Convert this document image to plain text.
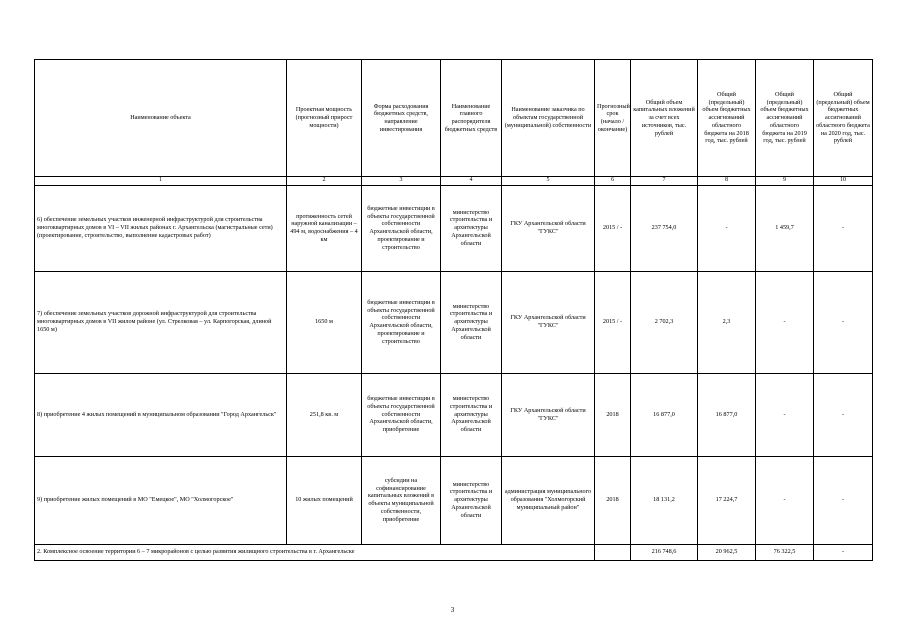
Наименование объекта	Проектная мощность (прогнозный прирост мощности)	Форма расходования бюджетных средств, направление инвестирования	Наименование главного распорядителя бюджетных средств	Наименование заказчика по объектам государственной (муниципальной) собственности	Прогнозный срок (начало / окончание)	Общий объем капитальных вложений за счет всех источников, тыс. рублей	Общий (предельный) объем бюджетных ассигнований областного бюджета на 2018 год, тыс. рублей	Общий (предельный) объем бюджетных ассигнований областного бюджета на 2019 год, тыс. рублей	Общий (предельный) объем бюджетных ассигнований областного бюджета на 2020 год, тыс. рублей
1	2	3	4	5	6	7	8	9	10
6) обеспечение земельных участков инженерной инфраструктурой для строительства многоквартирных домов в VI – VII жилых районах г. Архангельска (магистральные сети) (проектирование, строительство, выполнение кадастровых работ)	протяженность сетей наружной канализации – 494 м, водоснабжения – 4 км	бюджетные инвестиции в объекты государственной собственности Архангельской области, проектирование и строительство	министерство строительства и архитектуры Архангельской области	ГКУ Архангельской области "ГУКС"	2015 / -	237 754,0	-	1 459,7	-
7) обеспечение земельных участков дорожной инфраструктурой для строительства многоквартирных домов в VII жилом районе (ул. Стрелковая – ул. Карпогорская, длиной 1650 м)	1650 м	бюджетные инвестиции в объекты государственной собственности Архангельской области, проектирование и строительство	министерство строительства и архитектуры Архангельской области	ГКУ Архангельской области "ГУКС"	2015 / -	2 702,3	2,3	-	-
8) приобретение 4 жилых помещений в муниципальном образовании "Город Архангельск"	251,8 кв. м	бюджетные инвестиции в объекты государственной собственности Архангельской области, приобретение	министерство строительства и архитектуры Архангельской области	ГКУ Архангельской области "ГУКС"	2018	16 877,0	16 877,0	-	-
9) приобретение жилых помещений в МО "Емецкое", МО "Холмогорское"	10 жилых помещений	субсидии на софинансирование капитальных вложений в объекты муниципальной собственности, приобретение	министерство строительства и архитектуры Архангельской области	администрация муниципального образования "Холмогорский муниципальный район"	2018	18 131,2	17 224,7	-	-
2. Комплексное освоение территории 6 – 7 микрорайонов с целью развития жилищного строительства в г. Архангельске						216 748,6	20 962,5	76 322,5	-
3
